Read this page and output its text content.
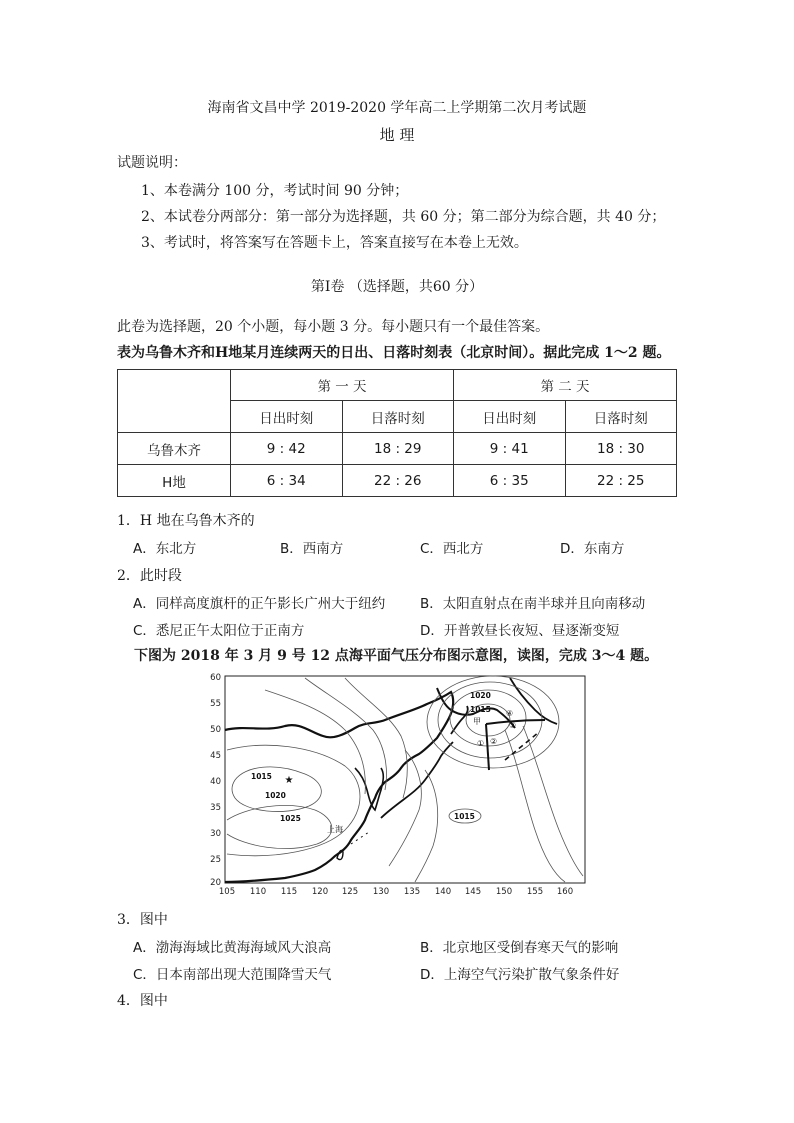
海南省文昌中学 2019-2020 学年高二上学期第二次月考试题
地 理
试题说明：
1、本卷满分 100 分，考试时间 90 分钟；
2、本试卷分两部分：第一部分为选择题，共 60 分；第二部分为综合题，共 40 分；
3、考试时，将答案写在答题卡上，答案直接写在本卷上无效。
第Ⅰ卷 （选择题，共60 分）
此卷为选择题，20 个小题，每小题 3 分。每小题只有一个最佳答案。
表为乌鲁木齐和H地某月连续两天的日出、日落时刻表（北京时间）。据此完成 1～2 题。
	第 一 天		第 二 天	
	日出时刻	日落时刻	日出时刻	日落时刻
乌鲁木齐	9 : 42	18 : 29	9 : 41	18 : 30
H地	6 : 34	22 : 26	6 : 35	22 : 25
1．H 地在乌鲁木齐的
A．东北方	B．西南方	C．西北方	D．东南方
2．此时段
A．同样高度旗杆的正午影长广州大于纽约	B．太阳直射点在南半球并且向南移动
C．悉尼正午太阳位于正南方	D．开普敦昼长夜短、昼逐渐变短
下图为 2018 年 3 月 9 号 12 点海平面气压分布图示意图，读图，完成 3～4 题。
60
55
50
45
40
35
30
25
20
105 110 115 120 125 130 135 140 145 150 155 160
1020
1015
1015
1020
1025	1015
★
上海
甲
① ②
③
④
3．图中
A．渤海海域比黄海海域风大浪高	B．北京地区受倒春寒天气的影响
C．日本南部出现大范围降雪天气	D．上海空气污染扩散气象条件好
4．图中
